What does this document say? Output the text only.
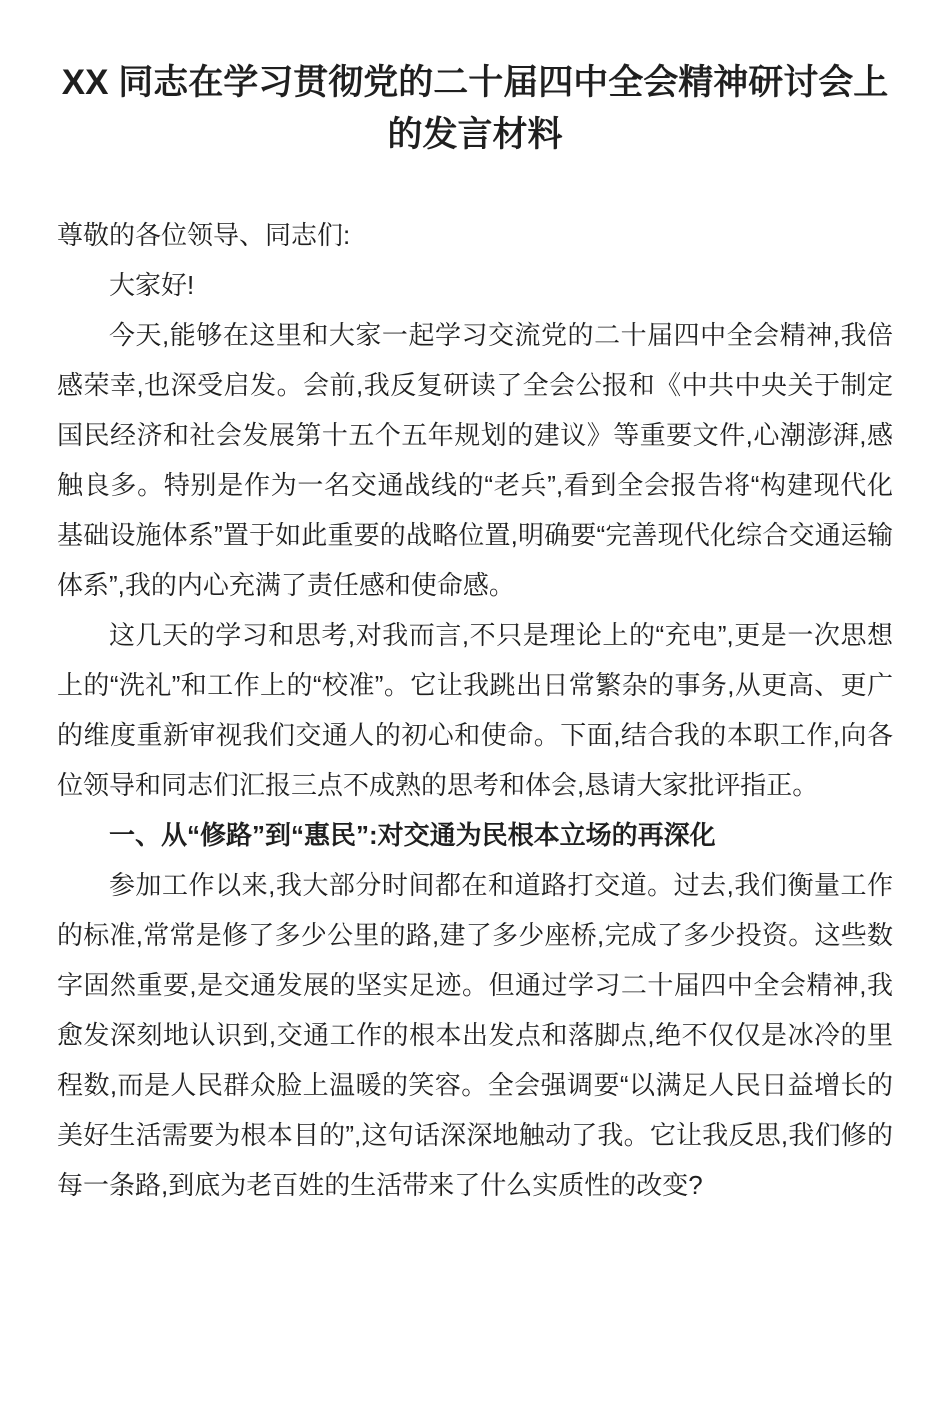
XX 同志在学习贯彻党的二十届四中全会精神研讨会上的发言材料

尊敬的各位领导、同志们:

大家好!

今天,能够在这里和大家一起学习交流党的二十届四中全会精神,我倍感荣幸,也深受启发。会前,我反复研读了全会公报和《中共中央关于制定国民经济和社会发展第十五个五年规划的建议》等重要文件,心潮澎湃,感触良多。特别是作为一名交通战线的“老兵”,看到全会报告将“构建现代化基础设施体系”置于如此重要的战略位置,明确要“完善现代化综合交通运输体系”,我的内心充满了责任感和使命感。

这几天的学习和思考,对我而言,不只是理论上的“充电”,更是一次思想上的“洗礼”和工作上的“校准”。它让我跳出日常繁杂的事务,从更高、更广的维度重新审视我们交通人的初心和使命。下面,结合我的本职工作,向各位领导和同志们汇报三点不成熟的思考和体会,恳请大家批评指正。

一、从“修路”到“惠民”:对交通为民根本立场的再深化

参加工作以来,我大部分时间都在和道路打交道。过去,我们衡量工作的标准,常常是修了多少公里的路,建了多少座桥,完成了多少投资。这些数字固然重要,是交通发展的坚实足迹。但通过学习二十届四中全会精神,我愈发深刻地认识到,交通工作的根本出发点和落脚点,绝不仅仅是冰冷的里程数,而是人民群众脸上温暖的笑容。全会强调要“以满足人民日益增长的美好生活需要为根本目的”,这句话深深地触动了我。它让我反思,我们修的每一条路,到底为老百姓的生活带来了什么实质性的改变?
